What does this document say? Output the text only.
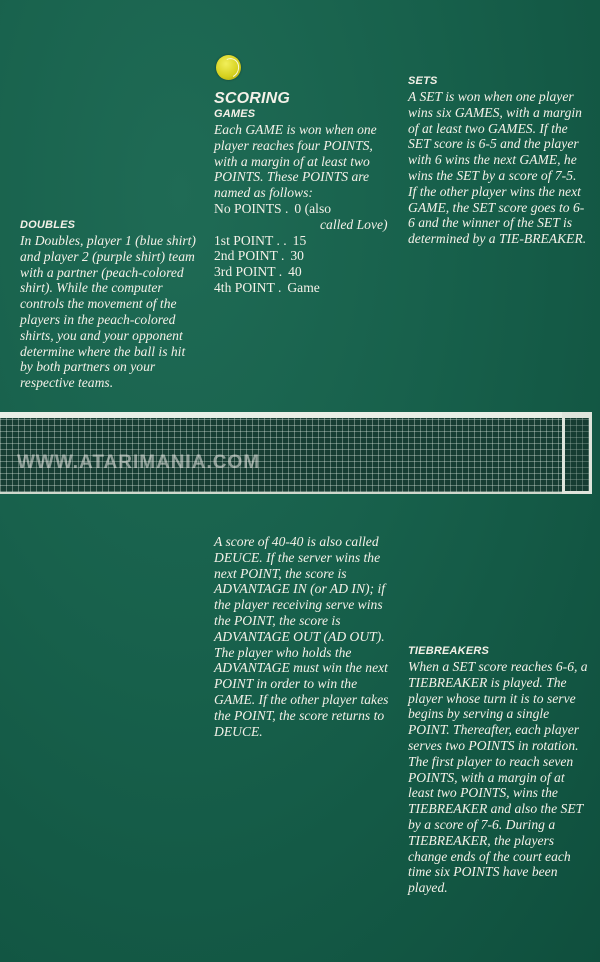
DOUBLES

In Doubles, player 1 (blue shirt) and player 2 (purple shirt) team with a partner (peach-colored shirt). While the computer controls the movement of the players in the peach-colored shirts, you and your opponent determine where the ball is hit by both partners on your respective teams.

SCORING
GAMES

Each GAME is won when one player reaches four POINTS, with a margin of at least two POINTS. These POINTS are named as follows:

No POINTS . 0 (also
called Love)
1st POINT . . 15
2nd POINT . 30
3rd POINT . 40
4th POINT . Game
SETS

A SET is won when one player wins six GAMES, with a margin of at least two GAMES. If the SET score is 6-5 and the player with 6 wins the next GAME, he wins the SET by a score of 7-5. If the other player wins the next GAME, the SET score goes to 6-6 and the winner of the SET is determined by a TIE-BREAKER.

WWW.ATARIMANIA.COM

A score of 40-40 is also called DEUCE. If the server wins the next POINT, the score is ADVANTAGE IN (or AD IN); if the player receiving serve wins the POINT, the score is ADVANTAGE OUT (AD OUT). The player who holds the ADVANTAGE must win the next POINT in order to win the GAME. If the other player takes the POINT, the score returns to DEUCE.

TIEBREAKERS

When a SET score reaches 6-6, a TIEBREAKER is played. The player whose turn it is to serve begins by serving a single POINT. Thereafter, each player serves two POINTS in rotation. The first player to reach seven POINTS, with a margin of at least two POINTS, wins the TIEBREAKER and also the SET by a score of 7-6. During a TIEBREAKER, the players change ends of the court each time six POINTS have been played.
